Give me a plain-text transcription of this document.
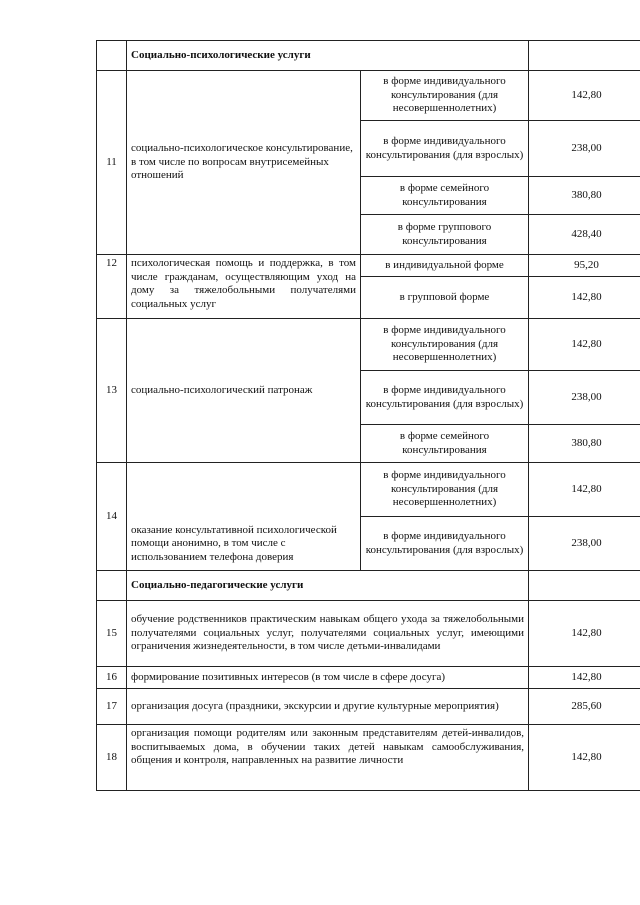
	Социально-психологические услуги		
11	социально-психологическое консультирование, в том числе по вопросам внутрисемейных отношений	в форме индивидуального консультирования (для несовершеннолетних)	142,80
		в форме индивидуального консультирования (для взрослых)	238,00
		в форме семейного консультирования	380,80
		в форме группового консультирования	428,40
12	психологическая помощь и поддержка, в том числе гражданам, осуществляющим уход на дому за тяжелобольными получателями социальных услуг	в индивидуальной форме	95,20
		в групповой форме	142,80
13	социально-психологический патронаж	в форме индивидуального консультирования (для несовершеннолетних)	142,80
		в форме индивидуального консультирования (для взрослых)	238,00
		в форме семейного консультирования	380,80
14	оказание консультативной психологической помощи анонимно, в том числе с использованием телефона доверия	в форме индивидуального консультирования (для несовершеннолетних)	142,80
		в форме индивидуального консультирования (для взрослых)	238,00
	Социально-педагогические услуги		
15	обучение родственников практическим навыкам общего ухода за тяжелобольными получателями социальных услуг, получателями социальных услуг, имеющими ограничения жизнедеятельности, в том числе детьми-инвалидами		142,80
16	формирование позитивных интересов (в том числе в сфере досуга)		142,80
17	организация досуга (праздники, экскурсии и другие культурные мероприятия)		285,60
18	организация помощи родителям или законным представителям детей-инвалидов, воспитываемых дома, в обучении таких детей навыкам самообслуживания, общения и контроля, направленных на развитие личности		142,80
